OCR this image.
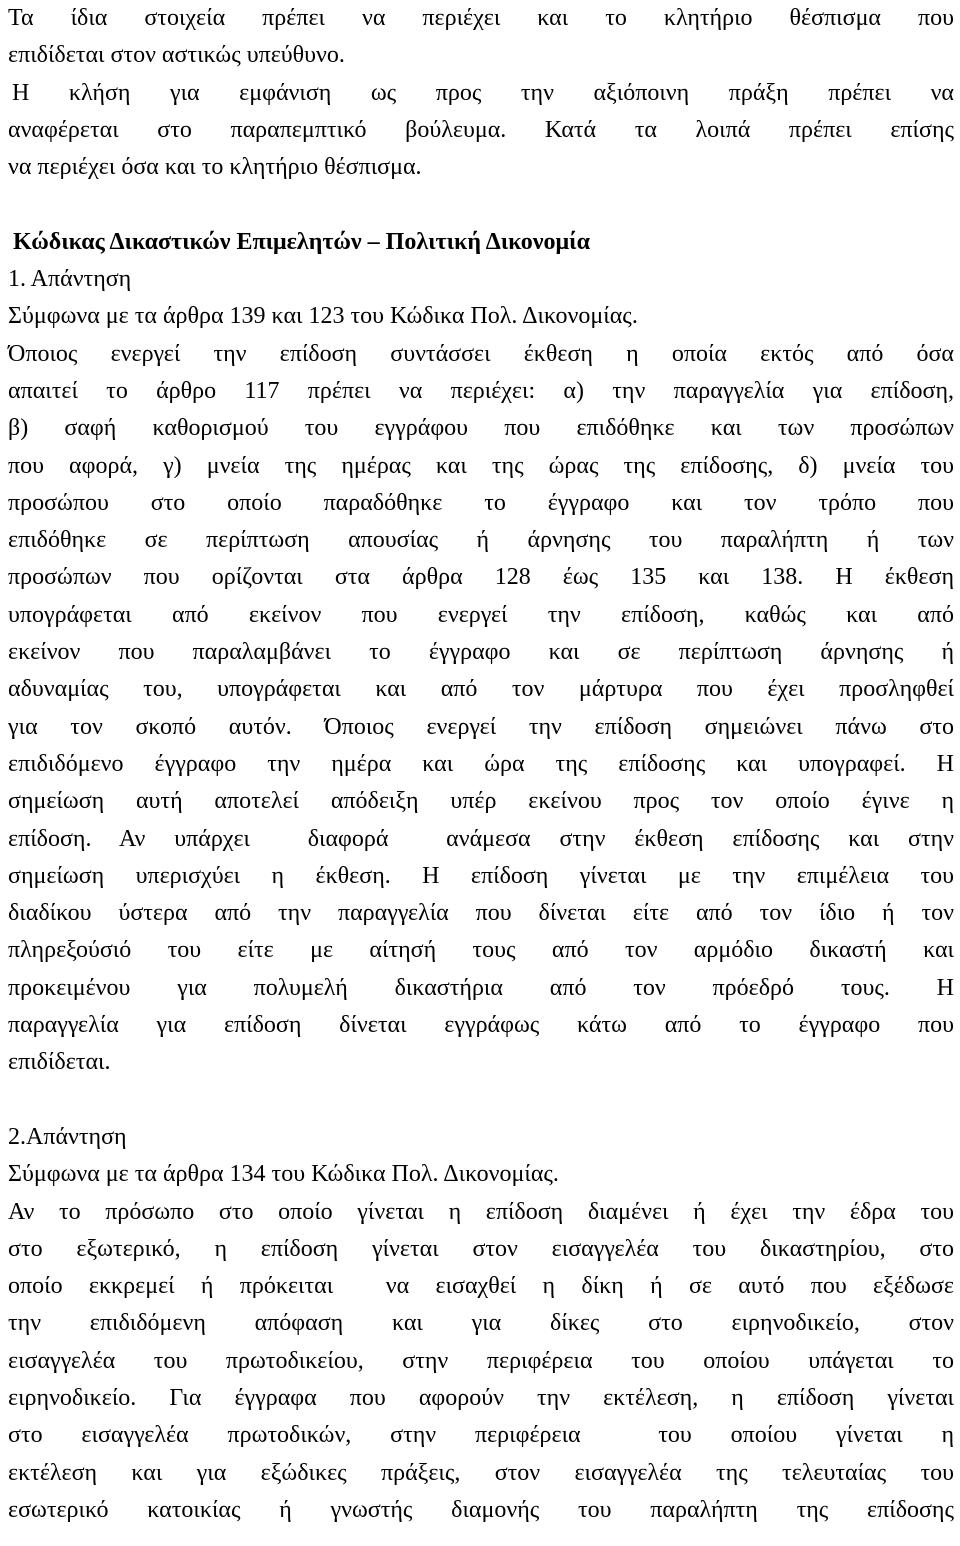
Τα ίδια στοιχεία πρέπει να περιέχει και το κλητήριο θέσπισμα που
επιδίδεται στον αστικώς υπεύθυνο.
Η κλήση για εμφάνιση ως προς την αξιόποινη πράξη πρέπει να
αναφέρεται στο παραπεμπτικό βούλευμα. Κατά τα λοιπά πρέπει επίσης
να περιέχει όσα και το κλητήριο θέσπισμα.
Κώδικας Δικαστικών Επιμελητών – Πολιτική Δικονομία
1. Απάντηση
Σύμφωνα με τα άρθρα 139 και 123 του Κώδικα Πολ. Δικονομίας.
Όποιος ενεργεί την επίδοση συντάσσει έκθεση η οποία εκτός από όσα
απαιτεί το άρθρο 117 πρέπει να περιέχει: α) την παραγγελία για επίδοση,
β) σαφή καθορισμού του εγγράφου που επιδόθηκε και των προσώπων
που αφορά, γ) μνεία της ημέρας και της ώρας της επίδοσης, δ) μνεία του
προσώπου στο οποίο παραδόθηκε το έγγραφο και τον τρόπο που
επιδόθηκε σε περίπτωση απουσίας ή άρνησης του παραλήπτη ή των
προσώπων που ορίζονται στα άρθρα 128 έως 135 και 138. Η έκθεση
υπογράφεται από εκείνον που ενεργεί την επίδοση, καθώς και από
εκείνον που παραλαμβάνει το έγγραφο και σε περίπτωση άρνησης ή
αδυναμίας του, υπογράφεται και από τον μάρτυρα που έχει προσληφθεί
για τον σκοπό αυτόν. Όποιος ενεργεί την επίδοση σημειώνει πάνω στο
επιδιδόμενο έγγραφο την ημέρα και ώρα της επίδοσης και υπογραφεί. Η
σημείωση αυτή αποτελεί απόδειξη υπέρ εκείνου προς τον οποίο έγινε η
επίδοση. Αν υπάρχει  διαφορά  ανάμεσα στην έκθεση επίδοσης και στην
σημείωση υπερισχύει η έκθεση. Η επίδοση γίνεται με την επιμέλεια του
διαδίκου ύστερα από την παραγγελία που δίνεται είτε από τον ίδιο ή τον
πληρεξούσιό του είτε με αίτησή τους από τον αρμόδιο δικαστή και
προκειμένου για πολυμελή δικαστήρια από τον πρόεδρό τους. Η
παραγγελία για επίδοση δίνεται εγγράφως κάτω από το έγγραφο που
επιδίδεται.
2.Απάντηση
Σύμφωνα με τα άρθρα 134 του Κώδικα Πολ. Δικονομίας.
Αν το πρόσωπο στο οποίο γίνεται η επίδοση διαμένει ή έχει την έδρα του
στο εξωτερικό, η επίδοση γίνεται στον εισαγγελέα του δικαστηρίου, στο
οποίο εκκρεμεί ή πρόκειται  να εισαχθεί η δίκη ή σε αυτό που εξέδωσε
την επιδιδόμενη απόφαση και για δίκες στο ειρηνοδικείο, στον
εισαγγελέα του πρωτοδικείου, στην περιφέρεια του οποίου υπάγεται το
ειρηνοδικείο. Για έγγραφα που αφορούν την εκτέλεση, η επίδοση γίνεται
στο εισαγγελέα πρωτοδικών, στην περιφέρεια  του οποίου γίνεται η
εκτέλεση και για εξώδικες πράξεις, στον εισαγγελέα της τελευταίας του
εσωτερικό κατοικίας ή γνωστής διαμονής του παραλήπτη της επίδοσης
